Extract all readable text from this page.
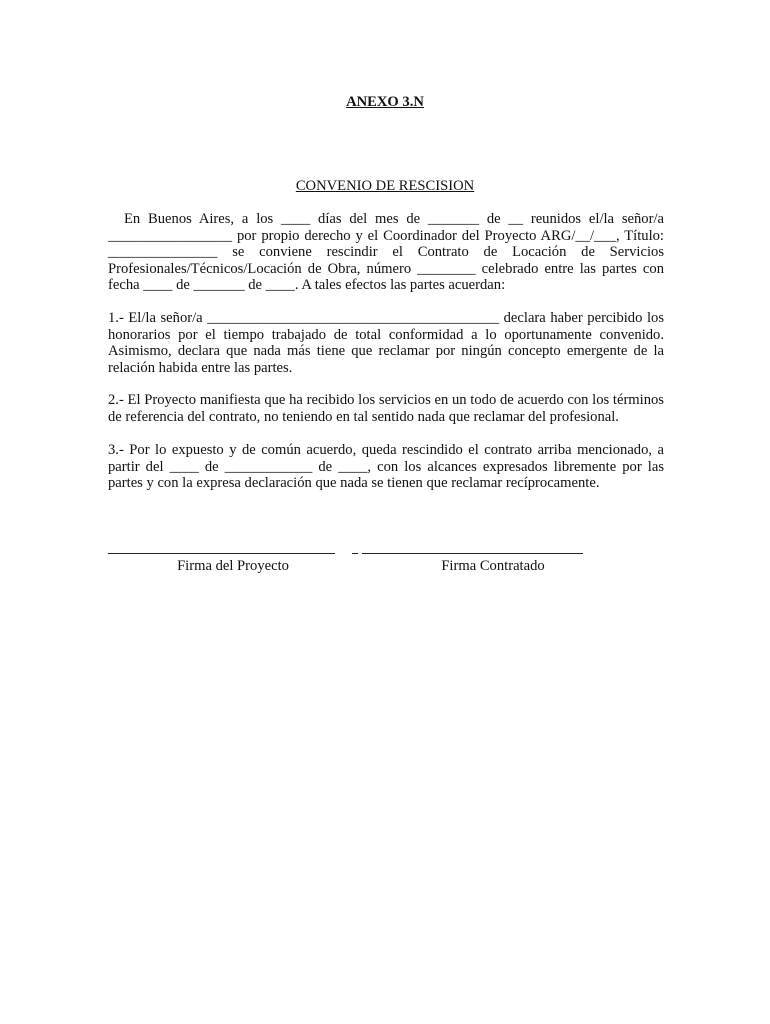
ANEXO 3.N
CONVENIO DE RESCISION

En Buenos Aires, a los ____ días del mes de _______ de __ reunidos el/la señor/a _________________ por propio derecho y el Coordinador del Proyecto ARG/__/___, Título: _______________ se conviene rescindir el Contrato de Locación de Servicios Profesionales/Técnicos/Locación de Obra, número ________ celebrado entre las partes con fecha ____ de _______ de ____. A tales efectos las partes acuerdan:

1.- El/la señor/a ________________________________________ declara haber percibido los honorarios por el tiempo trabajado de total conformidad a lo oportunamente convenido. Asimismo, declara que nada más tiene que reclamar por ningún concepto emergente de la relación habida entre las partes.

2.- El Proyecto manifiesta que ha recibido los servicios en un todo de acuerdo con los términos de referencia del contrato, no teniendo en tal sentido nada que reclamar del profesional.

3.- Por lo expuesto y de común acuerdo, queda rescindido el contrato arriba mencionado, a partir del ____ de ____________ de ____, con los alcances expresados libremente por las partes y con la expresa declaración que nada se tienen que reclamar recíprocamente.

Firma del Proyecto	Firma Contratado
